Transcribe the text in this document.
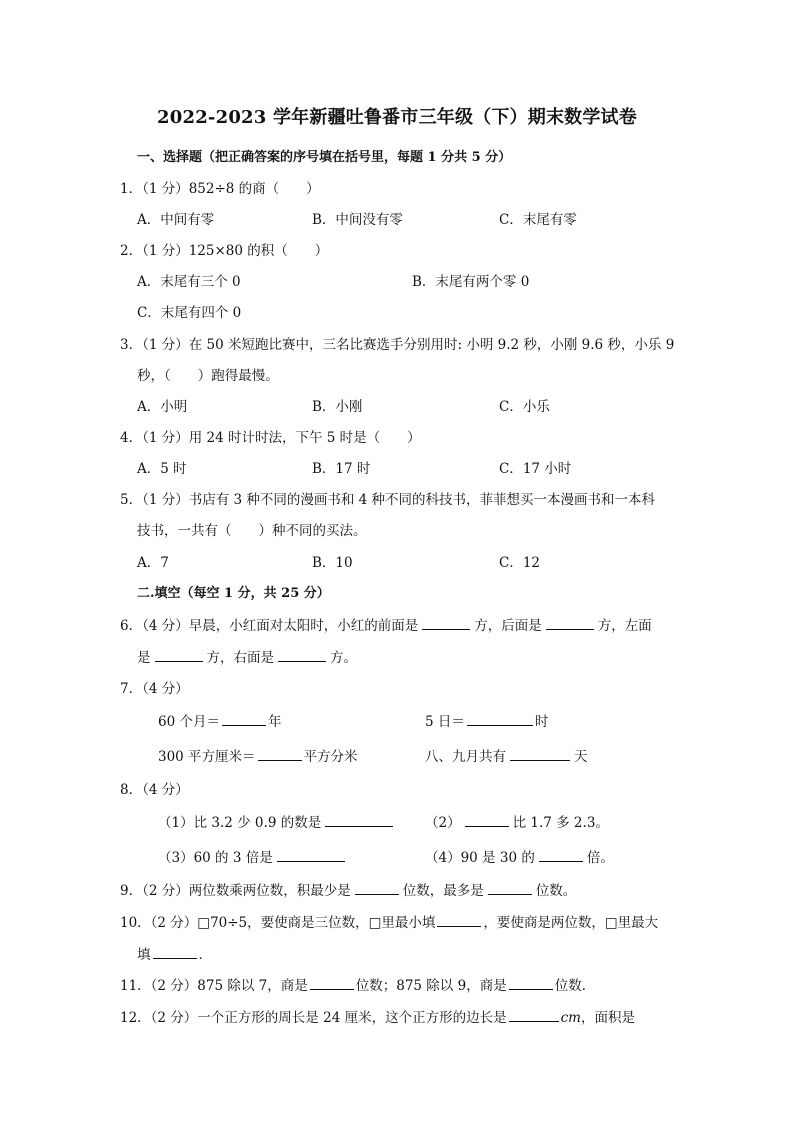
2022-2023 学年新疆吐鲁番市三年级（下）期末数学试卷
一、选择题（把正确答案的序号填在括号里，每题 1 分共 5 分）
1．（1 分）852÷8 的商（　　）
A．中间有零	B．中间没有零	C．末尾有零
2．（1 分）125×80 的积（　　）
A．末尾有三个 0	B．末尾有两个零 0
C．末尾有四个 0
3．（1 分）在 50 米短跑比赛中，三名比赛选手分别用时: 小明 9.2 秒，小刚 9.6 秒，小乐 9
秒，（　　）跑得最慢。
A．小明	B．小刚	C．小乐
4．（1 分）用 24 时计时法，下午 5 时是（　　）
A．5 时	B．17 时	C．17 小时
5．（1 分）书店有 3 种不同的漫画书和 4 种不同的科技书，菲菲想买一本漫画书和一本科
技书，一共有（　　）种不同的买法。
A．7	B．10	C．12
二.填空（每空 1 分，共 25 分）
6．（4 分）早晨，小红面对太阳时，小红的前面是	方，后面是	方，左面
是	方，右面是	方。
7．（4 分）
60 个月＝	年	5 日＝	时
300 平方厘米＝	平方分米	八、九月共有	天
8．（4 分）
（1）比 3.2 少 0.9 的数是	（2）	比 1.7 多 2.3。
（3）60 的 3 倍是	（4）90 是 30 的	倍。
9．（2 分）两位数乘两位数，积最少是	位数，最多是	位数。
10．（2 分）□70÷5，要使商是三位数，□里最小填	，要使商是两位数，□里最大
填	．
11．（2 分）875 除以 7，商是	位数；875 除以 9，商是	位数．
12．（2 分）一个正方形的周长是 24 厘米，这个正方形的边长是	cm，面积是
